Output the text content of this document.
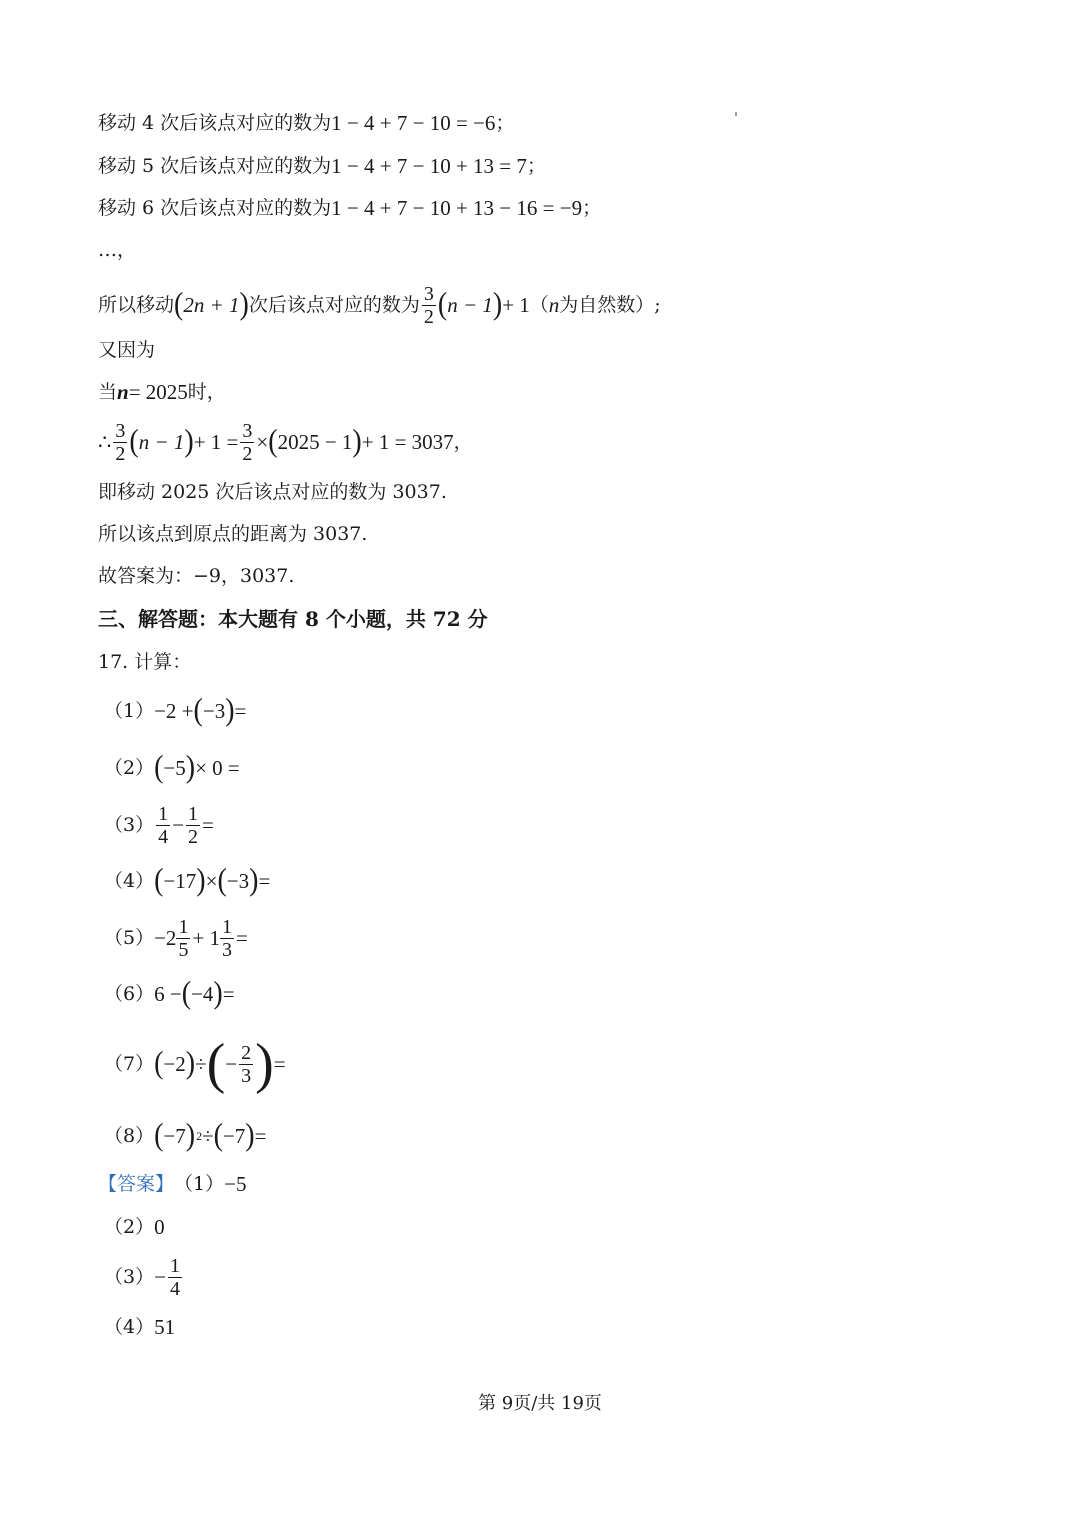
移动 4 次后该点对应的数为 1 − 4 + 7 − 10 = −6 ；
移动 5 次后该点对应的数为 1 − 4 + 7 − 10 + 13 = 7 ；
移动 6 次后该点对应的数为 1 − 4 + 7 − 10 + 13 − 16 = −9 ；
…，
所以移动 ( 2n + 1 ) 次后该点对应的数为 $\frac{3}{2}$ ( n − 1 ) + 1 （ n 为自然数）;
又因为
当 n = 2025 时，
∴ $\frac{3}{2}$ ( n − 1 ) + $1 = \frac{3}{2}$ × ( 2025 − 1 ) + 1 = 3037 ，
即移动 2025 次后该点对应的数为 3037.
所以该点到原点的距离为 3037.
故答案为：−9，3037.
三、解答题：本大题有 8 个小题，共 72 分
17. 计算：
（1） −2 + ( −3 ) =
（2） ( −5 ) × 0 =
$(3) \frac{1}{4} - \frac{1}{2}$ =
（4） ( −17 ) × ( −3 ) =
$(5) -2 \frac{1}{5} + 1 \frac{1}{3}$ =
（6） 6 − ( −4 ) =
（7） ( −2 ) ÷ ( − $\frac{2}{3}$ ) =
（8） ( −7 ) 2 ÷ ( −7 ) =
【答案】 （1） −5
（2） 0
$(3) - \frac{1}{4}$
（4） 51
第 9页/共 19页
